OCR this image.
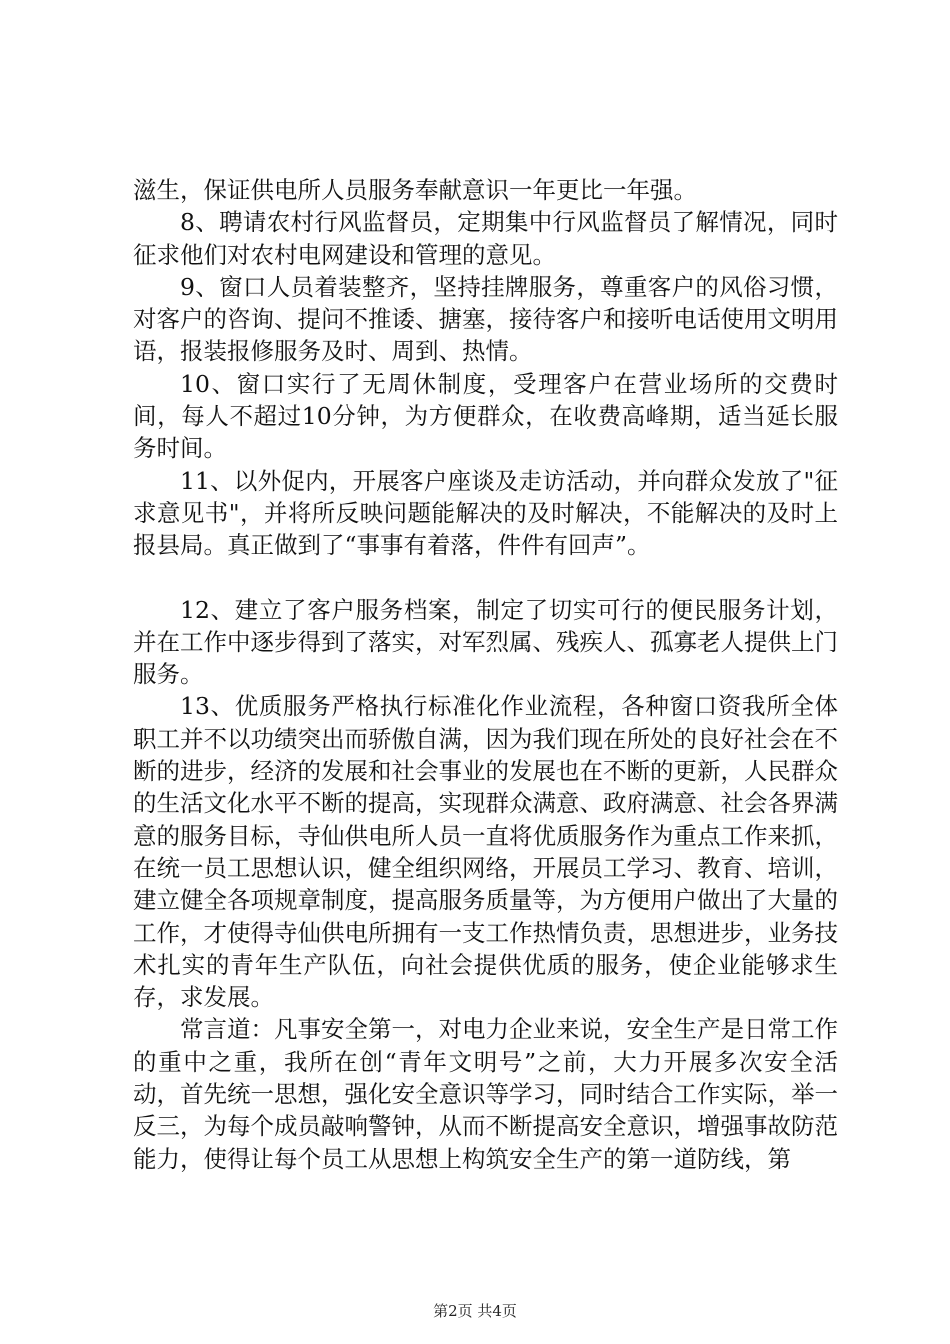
滋生，保证供电所人员服务奉献意识一年更比一年强。

8、聘请农村行风监督员，定期集中行风监督员了解情况，同时征求他们对农村电网建设和管理的意见。

9、窗口人员着装整齐，坚持挂牌服务，尊重客户的风俗习惯，对客户的咨询、提问不推诿、搪塞，接待客户和接听电话使用文明用语，报装报修服务及时、周到、热情。

10、窗口实行了无周休制度，受理客户在营业场所的交费时间，每人不超过10分钟，为方便群众，在收费高峰期，适当延长服务时间。

11、以外促内，开展客户座谈及走访活动，并向群众发放了"征求意见书"，并将所反映问题能解决的及时解决，不能解决的及时上报县局。真正做到了“事事有着落，件件有回声”。

12、建立了客户服务档案，制定了切实可行的便民服务计划，并在工作中逐步得到了落实，对军烈属、残疾人、孤寡老人提供上门服务。

13、优质服务严格执行标准化作业流程，各种窗口资我所全体职工并不以功绩突出而骄傲自满，因为我们现在所处的良好社会在不断的进步，经济的发展和社会事业的发展也在不断的更新，人民群众的生活文化水平不断的提高，实现群众满意、政府满意、社会各界满意的服务目标，寺仙供电所人员一直将优质服务作为重点工作来抓，在统一员工思想认识，健全组织网络，开展员工学习、教育、培训，建立健全各项规章制度，提高服务质量等，为方便用户做出了大量的工作，才使得寺仙供电所拥有一支工作热情负责，思想进步，业务技术扎实的青年生产队伍，向社会提供优质的服务，使企业能够求生存，求发展。

常言道：凡事安全第一，对电力企业来说，安全生产是日常工作的重中之重，我所在创“青年文明号”之前，大力开展多次安全活动，首先统一思想，强化安全意识等学习，同时结合工作实际，举一反三，为每个成员敲响警钟，从而不断提高安全意识，增强事故防范能力，使得让每个员工从思想上构筑安全生产的第一道防线，第

第2页 共4页
